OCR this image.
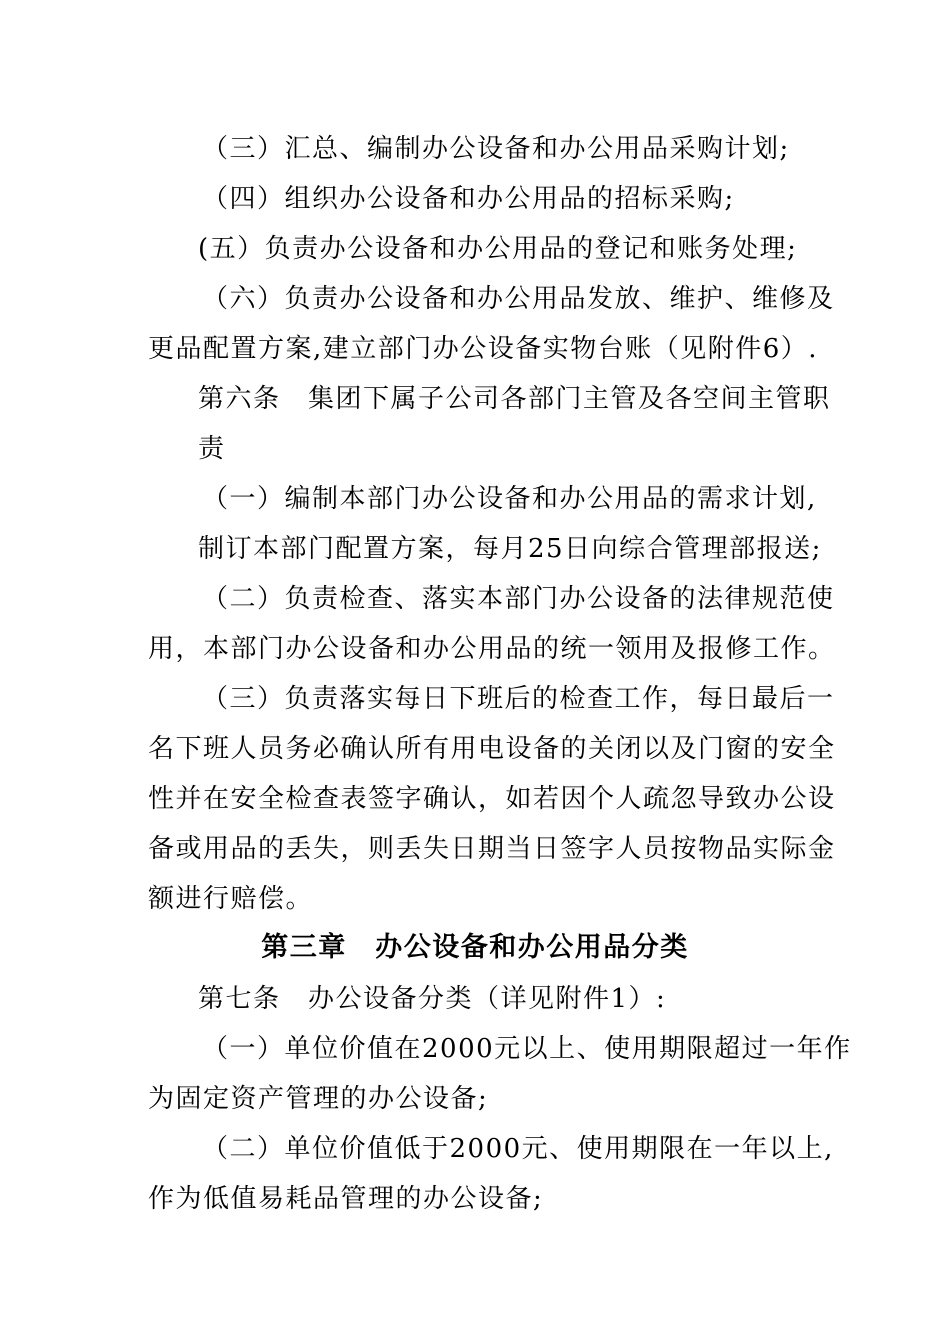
（三）汇总、编制办公设备和办公用品采购计划;
（四）组织办公设备和办公用品的招标采购;
(五）负责办公设备和办公用品的登记和账务处理;
（六）负责办公设备和办公用品发放、维护、维修及
更品配置方案,建立部门办公设备实物台账（见附件6）.
第六条　集团下属子公司各部门主管及各空间主管职
责
（一）编制本部门办公设备和办公用品的需求计划,
制订本部门配置方案，每月25日向综合管理部报送;
（二）负责检查、落实本部门办公设备的法律规范使
用，本部门办公设备和办公用品的统一领用及报修工作。
（三）负责落实每日下班后的检查工作，每日最后一
名下班人员务必确认所有用电设备的关闭以及门窗的安全
性并在安全检查表签字确认，如若因个人疏忽导致办公设
备或用品的丢失，则丢失日期当日签字人员按物品实际金
额进行赔偿。
第三章　办公设备和办公用品分类
第七条　办公设备分类（详见附件1）:
（一）单位价值在2000元以上、使用期限超过一年作
为固定资产管理的办公设备;
（二）单位价值低于2000元、使用期限在一年以上,
作为低值易耗品管理的办公设备;
